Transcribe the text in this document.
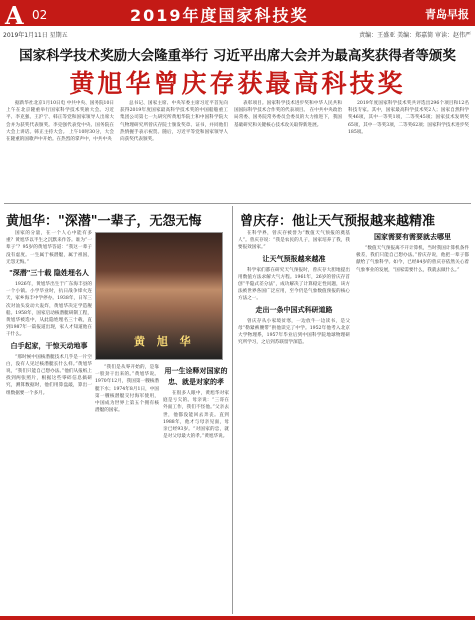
A 02	2019年度国家科技奖	青岛早报
2019年1月11日 星期五	责编：王盛亚 美编：郑嘉简 审读：赵伟严
国家科学技术奖励大会隆重举行 习近平出席大会并为最高奖获得者等颁奖
黄旭华曾庆存获最高科技奖

据新华社北京1月10日电 中共中央、国务院10日上午在北京隆重举行国家科学技术奖励大会。习近平、李克强、王沪宁、韩正等党和国家领导人出席大会并为获奖代表颁奖。李克强代表党中央、国务院在大会上讲话。韩正主持大会。 上午10时30分，大会在隆重的国歌声中开始。在热烈的掌声中，中共中央

总书记、国家主席、中央军委主席习近平首先向获得2019年度国家最高科学技术奖的中国船舶重工集团公司第七一九研究所黄旭华院士和中国科学院大气物理研究所曾庆存院士颁发奖章、证书，并同他们热情握手表示祝贺。随后，习近平等党和国家领导人向获奖代表颁奖。

表彰项目。国家科学技术进步奖和中华人民共和国国际科学技术合作奖的代表项目。 在中共中央政治局常委、国务院常务委员会委员的大力推进下，我国基础研究和关键核心技术攻关取得新进展。

2019年度国家科学技术奖共评选出296个项目和12名科技专家。其中，国家最高科学技术奖2人；国家自然科学奖46项，其中一等奖1项，二等奖45项；国家技术发明奖65项，其中一等奖3项，二等奖62项；国家科学技术进步奖185项。

黄旭华："深潜"一辈子，无怨无悔

国家的分量，在一个人心中能有多重？黄旭华以半生之沉默来作答。谁为“一辈子”？95岁的黄旭华答道：“我这一辈子没有虚度。一生属于核潜艇，属于祖国，无怨无悔。”

"深潜"三十载 隐姓埋名人

1926年，黄旭华出生于广东海丰县的一个小镇。小学毕业时，抗日战争烽火连天，家乡海丰中学停办。1938年，日军三次对汕头发动大轰炸，黄旭华决定学造舰船。1958年，国家启动核潜艇研制工程，黄旭华被选中，从此隐姓埋名三十载，直到1987年一篇报道出现，家人才知道他在干什么。

白手起家，干惊天动地事

“那时候中国核潜艇技术几乎是一片空白，没有人见过核潜艇长什么样。”黄旭华说，“我们只能自己想办法。”他们从报纸上找到两张照片，根据这些零碎信息搞研究，测算数据时，他们用算盘敲，算出一组数据要一个多月。

黄 旭 华

“我们是从零开始的，是靠一股劲干出来的。”黄旭华说。1970年12月，我国第一艘核潜艇下水；1974年8月1日，中国第一艘核潜艇交付海军使用，中国成为世界上第五个拥有核潜艇的国家。

用一生诠释对国家的忠、就是对家的孝

在很多人眼中，黄旭华对家庭是亏欠的。母亲说：“三哥在外面工作，我们不怪他。”父亲去世，他都没能回去奔丧。直到1988年，他才与母亲见面，母亲已经93岁。“对国家的忠，就是对父母最大的孝。”黄旭华说。

曾庆存：他让天气预报越来越精准

在科学界，曾庆存被誉为“数值天气预报的奠基人”。曾庆存说：“我是农民的儿子，国家培养了我，我要报效国家。”

让天气预报越来越准

科学家们都在研究天气预报时，曾庆存大胆地提出用数值方法求解大气方程。1961年，26岁的曾庆存首创“半隐式差分法”，成功解决了计算稳定性问题，该方法被世界各国广泛应用，至今仍是气象数值预报的核心方法之一。

走出一条中国式科研道路

曾庆存从小家境贫寒，一边放牛一边读书，是父母“勒紧裤腰带”供他读完了中学。1952年他考入北京大学物理系，1957年毕业后到中国科学院地球物理研究所学习，之后到苏联留学深造。

国家需要有需要就去哪里

“数值天气预报离不开计算机，当时我国计算机条件极差，我们只能自己想办法。”曾庆存说，他把一辈子都献给了气象科学。如今，已经84岁的曾庆存依然关心着气象事业的发展，“国家需要什么，我就去做什么。”
